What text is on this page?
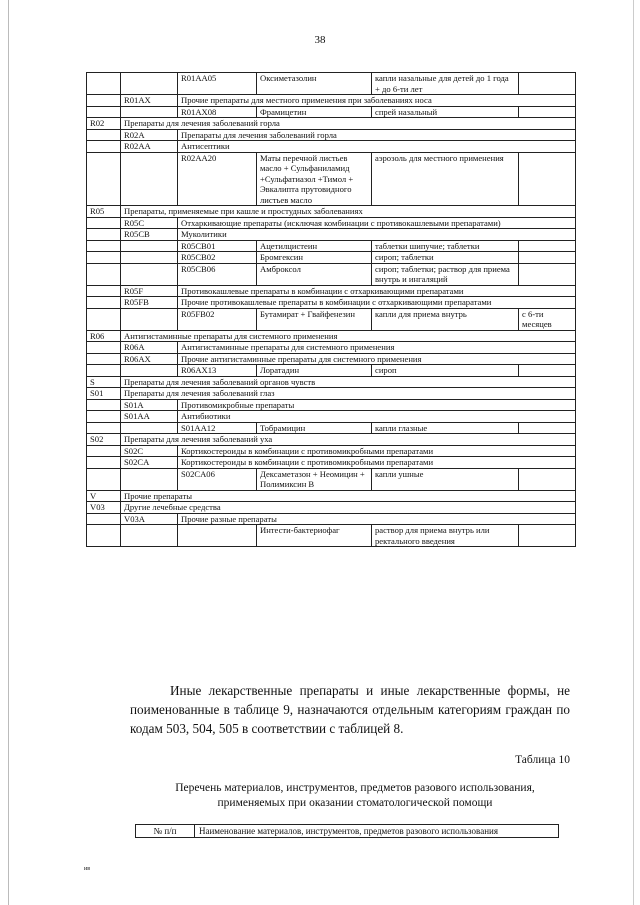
38
		R01AA05	Оксиметазолин	капли назальные для детей до 1 года + до 6-ти лет	
	R01AX	Прочие препараты для местного применения при заболеваниях носа			
		R01AX08	Фрамицетин	спрей назальный	
R02	Препараты для лечения заболеваний горла				
	R02A	Препараты для лечения заболеваний горла			
	R02AA	Антисептики			
		R02AA20	Маты перечной листьев масло + Сульфаниламид +Сульфатиазол +Тимол + Эвкалипта прутовидного листьев масло	аэрозоль для местного применения	
R05	Препараты, применяемые при кашле и простудных заболеваниях				
	R05C	Отхаркивающие препараты (исключая комбинации с противокашлевыми препаратами)			
	R05CB	Муколитики			
		R05CB01	Ацетилцистеин	таблетки шипучие; таблетки	
		R05CB02	Бромгексин	сироп; таблетки	
		R05CB06	Амброксол	сироп; таблетки; раствор для приема внутрь и ингаляций	
	R05F	Противокашлевые препараты в комбинации с отхаркивающими препаратами			
	R05FB	Прочие противокашлевые препараты в комбинации с отхаркивающими препаратами			
		R05FB02	Бутамират + Гвайфенезин	капли для приема внутрь	с 6-ти месяцев
R06	Антигистаминные препараты для системного применения				
	R06A	Антигистаминные препараты для системного применения			
	R06AX	Прочие антигистаминные препараты для системного применения			
		R06AX13	Лоратадин	сироп	
S	Препараты для лечения заболеваний органов чувств				
S01	Препараты для лечения заболеваний глаз				
	S01A	Противомикробные препараты			
	S01AA	Антибиотики			
		S01AA12	Тобрамицин	капли глазные	
S02	Препараты для лечения заболеваний уха				
	S02C	Кортикостероиды в комбинации с противомикробными препаратами			
	S02CA	Кортикостероиды в комбинации с противомикробными препаратами			
		S02CA06	Дексаметазон + Неомицин + Полимиксин В	капли ушные	
V	Прочие препараты				
V03	Другие лечебные средства				
	V03A	Прочие разные препараты			
			Интести-бактериофаг	раствор для приема внутрь или ректального введения	
Иные лекарственные препараты и иные лекарственные формы, не поименованные в таблице 9, назначаются отдельным категориям граждан по кодам 503, 504, 505 в соответствии с таблицей 8.
Таблица 10
Перечень материалов, инструментов, предметов разового использования, применяемых при оказании стоматологической помощи
№ п/п	Наименование материалов, инструментов, предметов разового использования
ив
